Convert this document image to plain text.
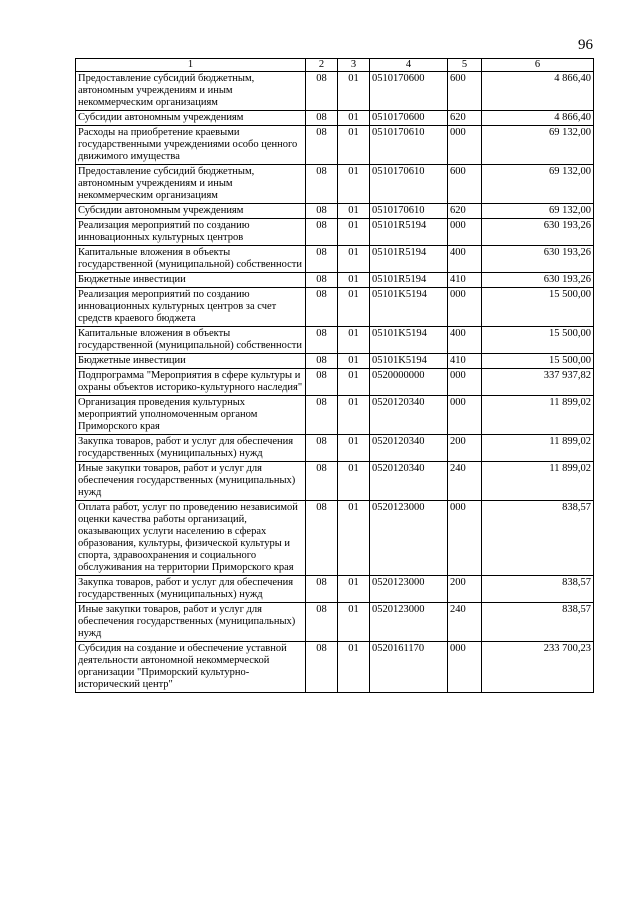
96
1	2	3	4	5	6
Предоставление субсидий бюджетным, автономным учреждениям и иным некоммерческим организациям	08	01	0510170600	600	4 866,40
Субсидии автономным учреждениям	08	01	0510170600	620	4 866,40
Расходы на приобретение краевыми государственными учреждениями особо ценного движимого имущества	08	01	0510170610	000	69 132,00
Предоставление субсидий бюджетным, автономным учреждениям и иным некоммерческим организациям	08	01	0510170610	600	69 132,00
Субсидии автономным учреждениям	08	01	0510170610	620	69 132,00
Реализация мероприятий по созданию инновационных культурных центров	08	01	05101R5194	000	630 193,26
Капитальные вложения в объекты государственной (муниципальной) собственности	08	01	05101R5194	400	630 193,26
Бюджетные инвестиции	08	01	05101R5194	410	630 193,26
Реализация мероприятий по созданию инновационных культурных центров за счет средств краевого бюджета	08	01	05101K5194	000	15 500,00
Капитальные вложения в объекты государственной (муниципальной) собственности	08	01	05101K5194	400	15 500,00
Бюджетные инвестиции	08	01	05101K5194	410	15 500,00
Подпрограмма "Мероприятия в сфере культуры и охраны объектов историко-культурного наследия"	08	01	0520000000	000	337 937,82
Организация проведения культурных мероприятий уполномоченным органом Приморского края	08	01	0520120340	000	11 899,02
Закупка товаров, работ и услуг для обеспечения государственных (муниципальных) нужд	08	01	0520120340	200	11 899,02
Иные закупки товаров, работ и услуг для обеспечения государственных (муниципальных) нужд	08	01	0520120340	240	11 899,02
Оплата работ, услуг по проведению независимой оценки качества работы организаций, оказывающих услуги населению в сферах образования, культуры, физической культуры и спорта, здравоохранения и социального обслуживания на территории Приморского края	08	01	0520123000	000	838,57
Закупка товаров, работ и услуг для обеспечения государственных (муниципальных) нужд	08	01	0520123000	200	838,57
Иные закупки товаров, работ и услуг для обеспечения государственных (муниципальных) нужд	08	01	0520123000	240	838,57
Субсидия на создание и обеспечение уставной деятельности автономной некоммерческой организации "Приморский культурно-исторический центр"	08	01	0520161170	000	233 700,23
